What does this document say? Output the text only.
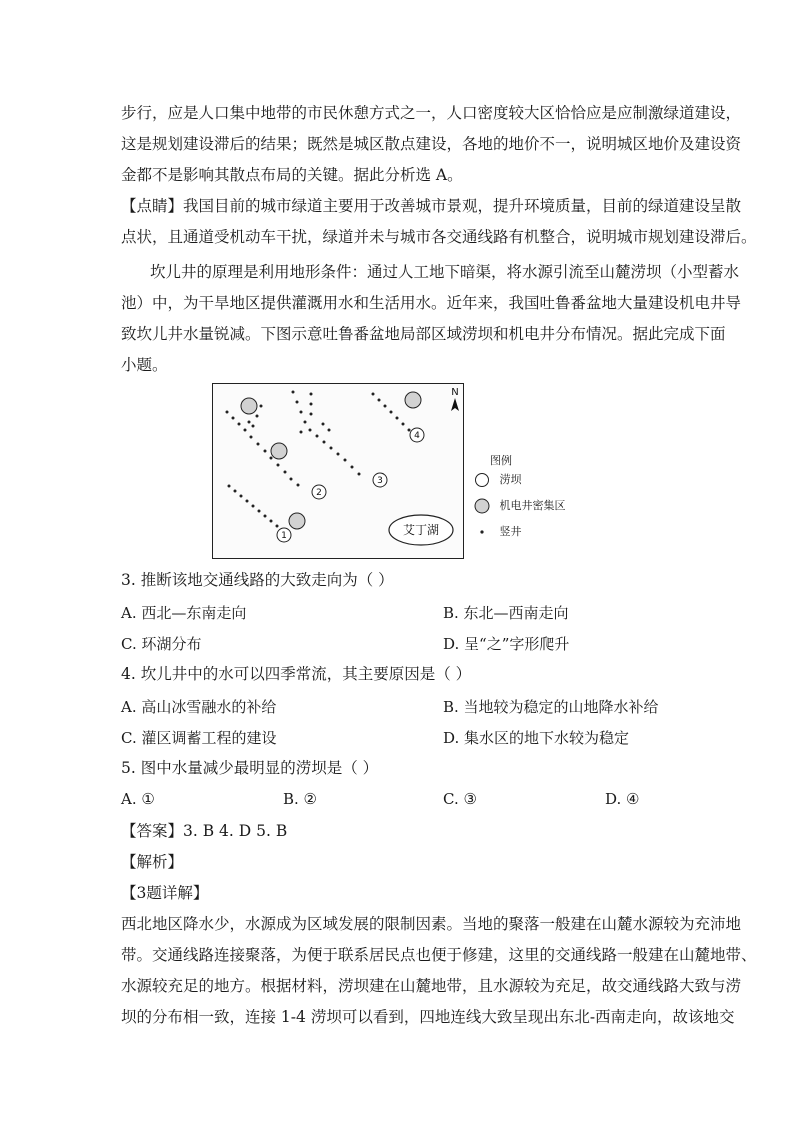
步行，应是人口集中地带的市民休憩方式之一，人口密度较大区恰恰应是应制激绿道建设，
这是规划建设滞后的结果；既然是城区散点建设，各地的地价不一，说明城区地价及建设资
金都不是影响其散点布局的关键。据此分析选 A。
【点睛】我国目前的城市绿道主要用于改善城市景观，提升环境质量，目前的绿道建设呈散
点状，且通道受机动车干扰，绿道并未与城市各交通线路有机整合，说明城市规划建设滞后。
坎儿井的原理是利用地形条件：通过人工地下暗渠，将水源引流至山麓涝坝（小型蓄水
池）中，为干旱地区提供灌溉用水和生活用水。近年来，我国吐鲁番盆地大量建设机电井导
致坎儿井水量锐减。下图示意吐鲁番盆地局部区域涝坝和机电井分布情况。据此完成下面
小题。
1
2
3
4
N
艾丁湖
图例
涝坝
机电井密集区
竖井
3. 推断该地交通线路的大致走向为（ ）
A. 西北—东南走向	B. 东北—西南走向
C. 环湖分布	D. 呈“之”字形爬升
4. 坎儿井中的水可以四季常流，其主要原因是（ ）
A. 高山冰雪融水的补给	B. 当地较为稳定的山地降水补给
C. 灌区调蓄工程的建设	D. 集水区的地下水较为稳定
5. 图中水量减少最明显的涝坝是（ ）
A. ①	B. ②	C. ③	D. ④
【答案】3. B 4. D 5. B
【解析】
【3题详解】
西北地区降水少，水源成为区域发展的限制因素。当地的聚落一般建在山麓水源较为充沛地
带。交通线路连接聚落，为便于联系居民点也便于修建，这里的交通线路一般建在山麓地带、
水源较充足的地方。根据材料，涝坝建在山麓地带，且水源较为充足，故交通线路大致与涝
坝的分布相一致，连接 1-4 涝坝可以看到，四地连线大致呈现出东北-西南走向，故该地交
